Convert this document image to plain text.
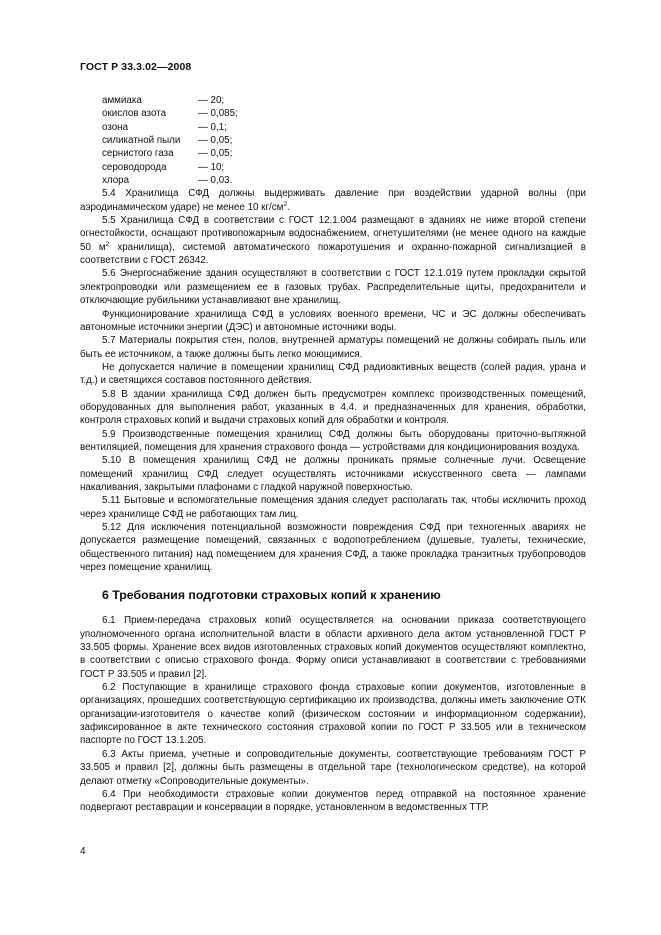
ГОСТ Р 33.3.02—2008
аммиака	— 20;
окислов азота	— 0,085;
озона	— 0,1;
силикатной пыли	— 0,05;
сернистого газа	— 0,05;
сероводорода	— 10;
хлора	— 0,03.

5.4 Хранилища СФД должны выдерживать давление при воздействии ударной волны (при аэродинамическом ударе) не менее 10 $кг/см^2$.

5.5 Хранилища СФД в соответствии с ГОСТ 12.1.004 размещают в зданиях не ниже второй степени огнестойкости, оснащают противопожарным водоснабжением, огнетушителями (не менее одного на каждые 50 $м^2$ хранилища), системой автоматического пожаротушения и охранно-пожарной сигнализацией в соответствии с ГОСТ 26342.

5.6 Энергоснабжение здания осуществляют в соответствии с ГОСТ 12.1.019 путем прокладки скрытой электропроводки или размещением ее в газовых трубах. Распределительные щиты, предохранители и отключающие рубильники устанавливают вне хранилищ.

Функционирование хранилища СФД в условиях военного времени, ЧС и ЭС должны обеспечивать автономные источники энергии (ДЭС) и автономные источники воды.

5.7 Материалы покрытия стен, полов, внутренней арматуры помещений не должны собирать пыль или быть ее источником, а также должны быть легко моющимися.

Не допускается наличие в помещении хранилищ СФД радиоактивных веществ (солей радия, урана и т.д.) и светящихся составов постоянного действия.

5.8 В здании хранилища СФД должен быть предусмотрен комплекс производственных помещений, оборудованных для выполнения работ, указанных в 4.4. и предназначенных для хранения, обработки, контроля страховых копий и выдачи страховых копий для обработки и контроля.

5.9 Производственные помещения хранилищ СФД должны быть оборудованы приточно-вытяжной вентиляцией, помещения для хранения страхового фонда — устройствами для кондиционирования воздуха.

5.10 В помещения хранилищ СФД не должны проникать прямые солнечные лучи. Освещение помещений хранилищ СФД следует осуществлять источниками искусственного света — лампами накаливания, закрытыми плафонами с гладкой наружной поверхностью.

5.11 Бытовые и вспомогательные помещения здания следует располагать так, чтобы исключить проход через хранилище СФД не работающих там лиц.

5.12 Для исключения потенциальной возможности повреждения СФД при техногенных авариях не допускается размещение помещений, связанных с водопотреблением (душевые, туалеты, технические, общественного питания) над помещением для хранения СФД, а также прокладка транзитных трубопроводов через помещение хранилищ.

6 Требования подготовки страховых копий к хранению

6.1 Прием-передача страховых копий осуществляется на основании приказа соответствующего уполномоченного органа исполнительной власти в области архивного дела актом установленной ГОСТ Р 33.505 формы. Хранение всех видов изготовленных страховых копий документов осуществляют комплектно, в соответствии с описью страхового фонда. Форму описи устанавливают в соответствии с требованиями ГОСТ Р 33.505 и правил [2].

6.2 Поступающие в хранилище страхового фонда страховые копии документов, изготовленные в организациях, прошедших соответствующую сертификацию их производства, должны иметь заключение ОТК организации-изготовителя о качестве копий (физическом состоянии и информационном содержании), зафиксированное в акте технического состояния страховой копии по ГОСТ Р 33.505 или в техническом паспорте по ГОСТ 13.1.205.

6.3 Акты приема, учетные и сопроводительные документы, соответствующие требованиям ГОСТ Р 33.505 и правил [2], должны быть размещены в отдельной таре (технологическом средстве), на которой делают отметку «Сопроводительные документы».

6.4 При необходимости страховые копии документов перед отправкой на постоянное хранение подвергают реставрации и консервации в порядке, установленном в ведомственных ТТР.

4
